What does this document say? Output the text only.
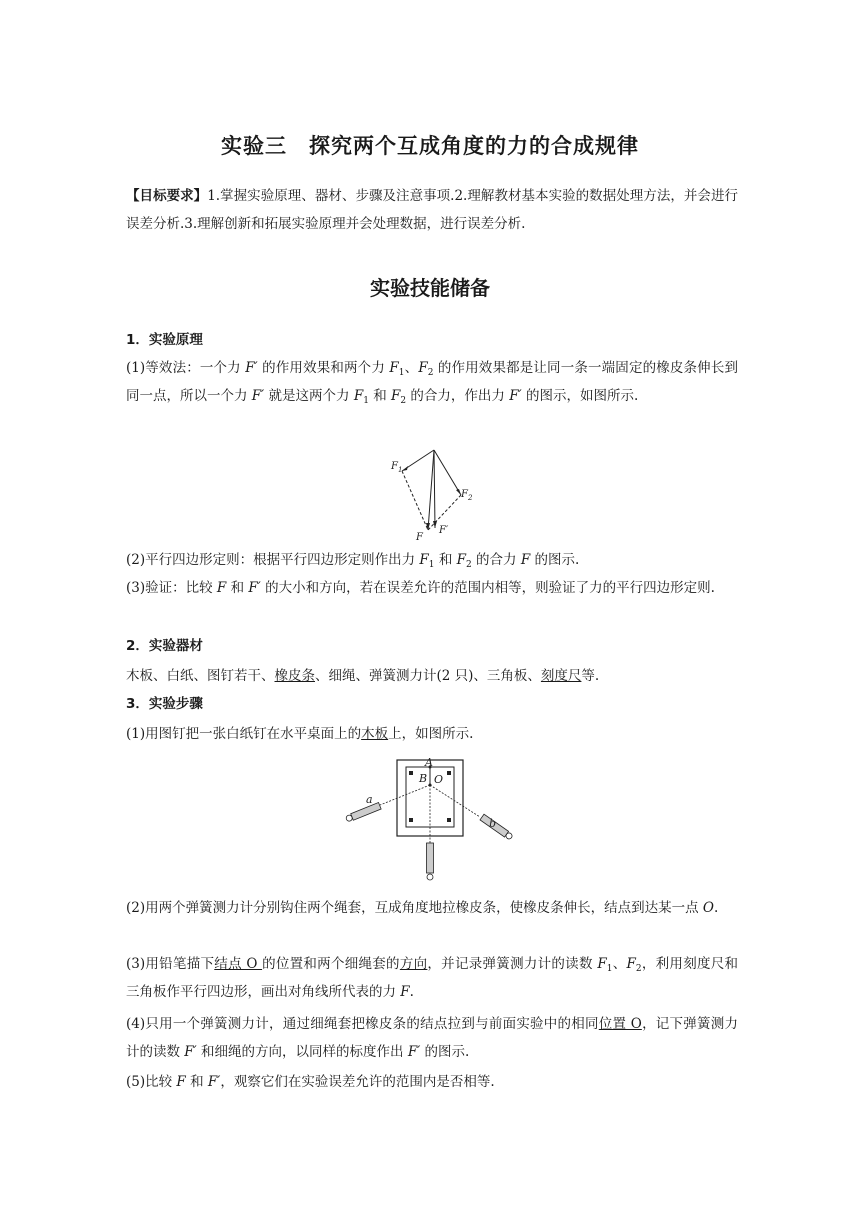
实验三　探究两个互成角度的力的合成规律
【目标要求】1.掌握实验原理、器材、步骤及注意事项.2.理解教材基本实验的数据处理方法，并会进行误差分析.3.理解创新和拓展实验原理并会处理数据，进行误差分析.
实验技能储备
1．实验原理
(1)等效法：一个力 F′ 的作用效果和两个力 $F_1$、$F_2$ 的作用效果都是让同一条一端固定的橡皮条伸长到同一点，所以一个力 F′ 就是这两个力 $F_1$ 和 $F_2$ 的合力，作出力 F′ 的图示，如图所示.
$F_1$
$F_2$
F
F′
(2)平行四边形定则：根据平行四边形定则作出力 $F_1$ 和 $F_2$ 的合力 F 的图示.
(3)验证：比较 F 和 F′ 的大小和方向，若在误差允许的范围内相等，则验证了力的平行四边形定则.
2．实验器材
木板、白纸、图钉若干、橡皮条、细绳、弹簧测力计(2 只)、三角板、刻度尺等.
3．实验步骤
(1)用图钉把一张白纸钉在水平桌面上的木板上，如图所示.
A
B O
a
b
(2)用两个弹簧测力计分别钩住两个绳套，互成角度地拉橡皮条，使橡皮条伸长，结点到达某一点 O.
(3)用铅笔描下结点 O 的位置和两个细绳套的方向，并记录弹簧测力计的读数 $F_1$、$F_2$，利用刻度尺和三角板作平行四边形，画出对角线所代表的力 F.
(4)只用一个弹簧测力计，通过细绳套把橡皮条的结点拉到与前面实验中的相同位置 O，记下弹簧测力计的读数 F′ 和细绳的方向，以同样的标度作出 F′ 的图示.
(5)比较 F 和 F′，观察它们在实验误差允许的范围内是否相等.
